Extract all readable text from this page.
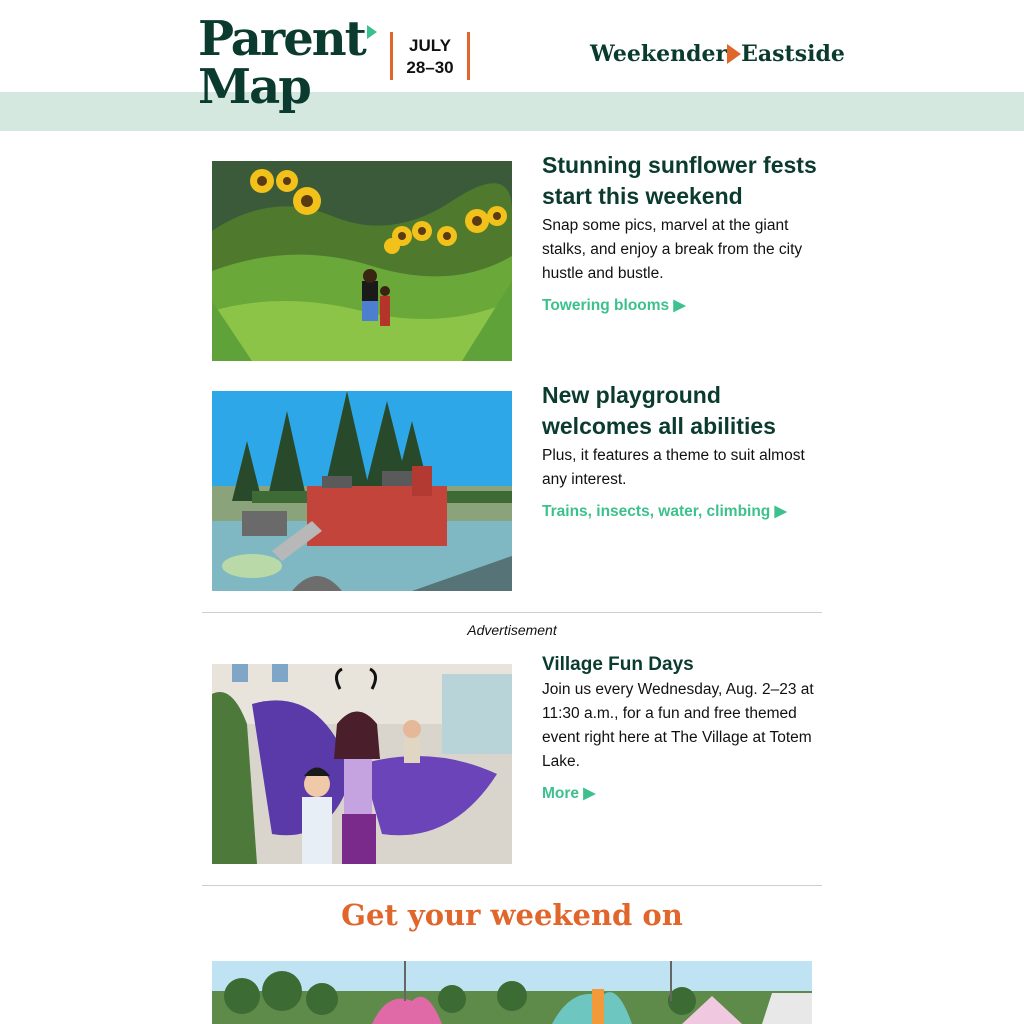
Parent
Map
JULY
28–30
Weekender Eastside

Stunning sunflower fests start this weekend

Snap some pics, marvel at the giant stalks, and enjoy a break from the city hustle and bustle.

Towering blooms ▶

New playground welcomes all abilities

Plus, it features a theme to suit almost any interest.

Trains, insects, water, climbing ▶
Advertisement

Village Fun Days

Join us every Wednesday, Aug. 2–23 at 11:30 a.m., for a fun and free themed event right here at The Village at Totem Lake.

More ▶
Get your weekend on
